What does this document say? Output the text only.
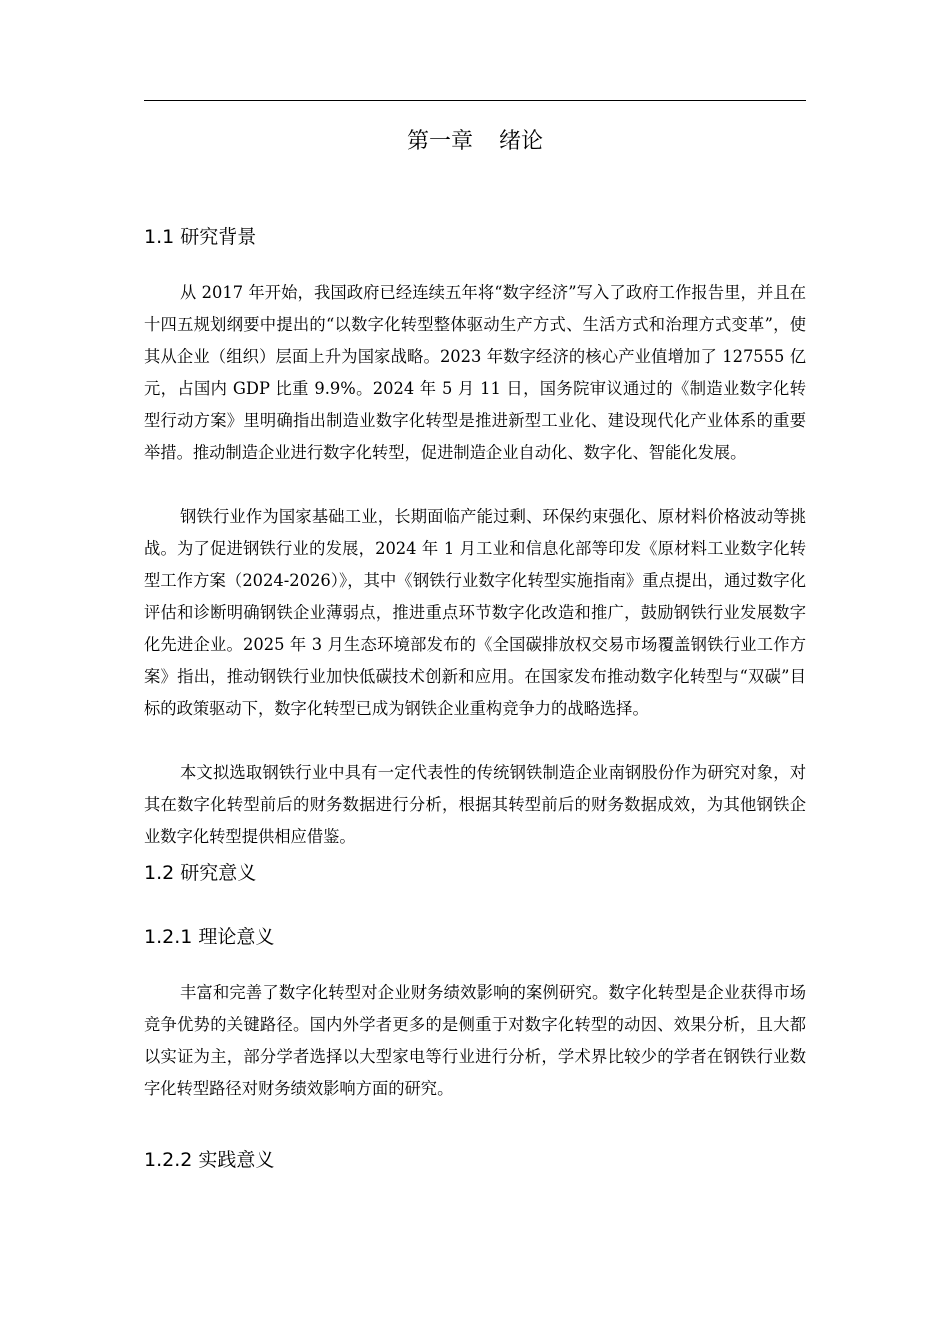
第一章 绪论
1.1 研究背景

从 2017 年开始，我国政府已经连续五年将“数字经济”写入了政府工作报告里，并且在十四五规划纲要中提出的“以数字化转型整体驱动生产方式、生活方式和治理方式变革”，使其从企业（组织）层面上升为国家战略。2023 年数字经济的核心产业值增加了 127555 亿元，占国内 GDP 比重 9.9%。2024 年 5 月 11 日，国务院审议通过的《制造业数字化转型行动方案》里明确指出制造业数字化转型是推进新型工业化、建设现代化产业体系的重要举措。推动制造企业进行数字化转型，促进制造企业自动化、数字化、智能化发展。

钢铁行业作为国家基础工业，长期面临产能过剩、环保约束强化、原材料价格波动等挑战。为了促进钢铁行业的发展，2024 年 1 月工业和信息化部等印发《原材料工业数字化转型工作方案（2024-2026）》，其中《钢铁行业数字化转型实施指南》重点提出，通过数字化评估和诊断明确钢铁企业薄弱点，推进重点环节数字化改造和推广，鼓励钢铁行业发展数字化先进企业。2025 年 3 月生态环境部发布的《全国碳排放权交易市场覆盖钢铁行业工作方案》指出，推动钢铁行业加快低碳技术创新和应用。在国家发布推动数字化转型与“双碳”目标的政策驱动下，数字化转型已成为钢铁企业重构竞争力的战略选择。

本文拟选取钢铁行业中具有一定代表性的传统钢铁制造企业南钢股份作为研究对象，对其在数字化转型前后的财务数据进行分析，根据其转型前后的财务数据成效，为其他钢铁企业数字化转型提供相应借鉴。

1.2 研究意义
1.2.1 理论意义

丰富和完善了数字化转型对企业财务绩效影响的案例研究。数字化转型是企业获得市场竞争优势的关键路径。国内外学者更多的是侧重于对数字化转型的动因、效果分析，且大都以实证为主，部分学者选择以大型家电等行业进行分析，学术界比较少的学者在钢铁行业数字化转型路径对财务绩效影响方面的研究。

1.2.2 实践意义
